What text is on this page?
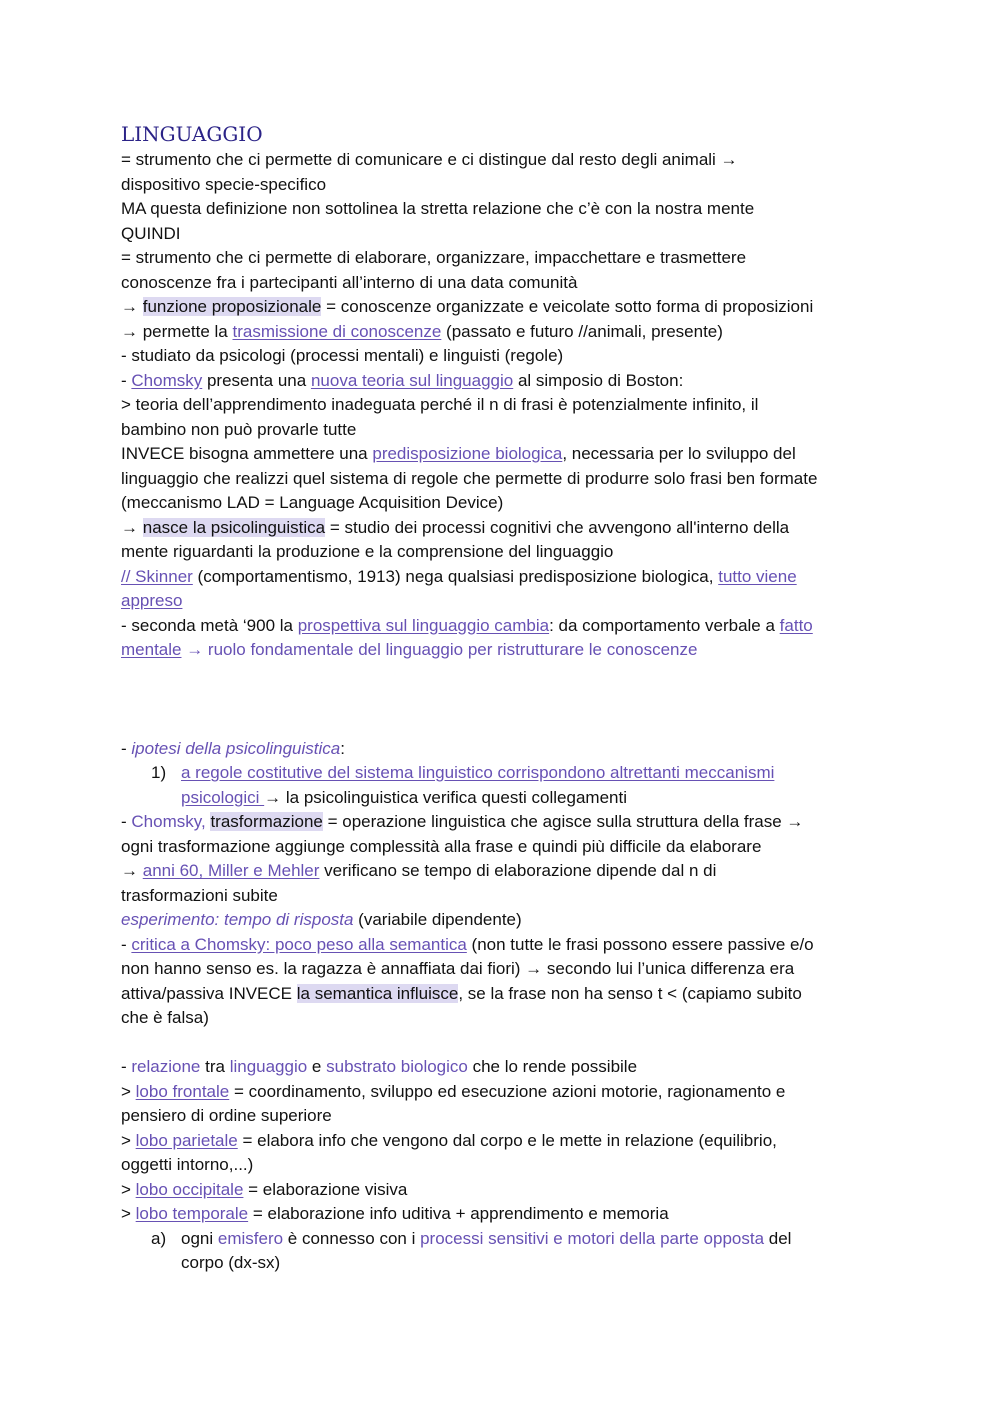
LINGUAGGIO

= strumento che ci permette di comunicare e ci distingue dal resto degli animali →

dispositivo specie-specifico

MA questa definizione non sottolinea la stretta relazione che c’è con la nostra mente

QUINDI

= strumento che ci permette di elaborare, organizzare, impacchettare e trasmettere

conoscenze fra i partecipanti all’interno di una data comunità

→ funzione proposizionale = conoscenze organizzate e veicolate sotto forma di proposizioni

→ permette la trasmissione di conoscenze (passato e futuro //animali, presente)

- studiato da psicologi (processi mentali) e linguisti (regole)

- Chomsky presenta una nuova teoria sul linguaggio al simposio di Boston:

> teoria dell’apprendimento inadeguata perché il n di frasi è potenzialmente infinito, il

bambino non può provarle tutte

INVECE bisogna ammettere una predisposizione biologica, necessaria per lo sviluppo del

linguaggio che realizzi quel sistema di regole che permette di produrre solo frasi ben formate

(meccanismo LAD = Language Acquisition Device)

→ nasce la psicolinguistica = studio dei processi cognitivi che avvengono all'interno della

mente riguardanti la produzione e la comprensione del linguaggio

// Skinner (comportamentismo, 1913) nega qualsiasi predisposizione biologica, tutto viene

appreso

- seconda metà ‘900 la prospettiva sul linguaggio cambia: da comportamento verbale a fatto

mentale → ruolo fondamentale del linguaggio per ristrutturare le conoscenze

- ipotesi della psicolinguistica:

1) a regole costitutive del sistema linguistico corrispondono altrettanti meccanismi

psicologici → la psicolinguistica verifica questi collegamenti

- Chomsky, trasformazione = operazione linguistica che agisce sulla struttura della frase →

ogni trasformazione aggiunge complessità alla frase e quindi più difficile da elaborare

→ anni 60, Miller e Mehler verificano se tempo di elaborazione dipende dal n di

trasformazioni subite

esperimento: tempo di risposta (variabile dipendente)

- critica a Chomsky: poco peso alla semantica (non tutte le frasi possono essere passive e/o

non hanno senso es. la ragazza è annaffiata dai fiori) → secondo lui l’unica differenza era

attiva/passiva INVECE la semantica influisce, se la frase non ha senso t < (capiamo subito

che è falsa)

- relazione tra linguaggio e substrato biologico che lo rende possibile

> lobo frontale = coordinamento, sviluppo ed esecuzione azioni motorie, ragionamento e

pensiero di ordine superiore

> lobo parietale = elabora info che vengono dal corpo e le mette in relazione (equilibrio,

oggetti intorno,...)

> lobo occipitale = elaborazione visiva

> lobo temporale = elaborazione info uditiva + apprendimento e memoria

a) ogni emisfero è connesso con i processi sensitivi e motori della parte opposta del

corpo (dx-sx)
